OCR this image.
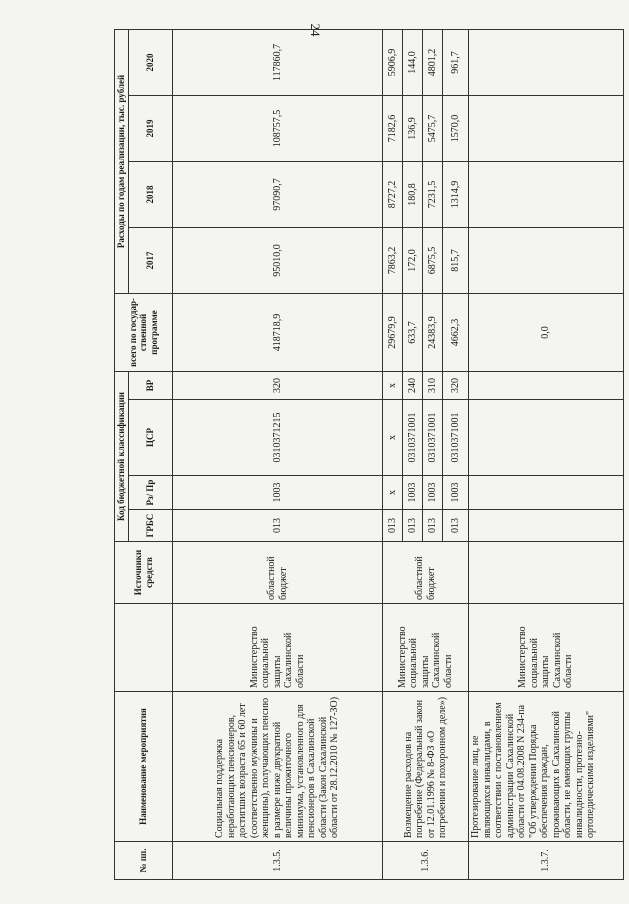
24
№ пп.	Наименование мероприятия		Источники средств	Код бюджетной классификации				всего по государ- ственной программе	Расходы по годам реализации, тыс. рублей			
				ГРБС	Рз/ Пр	ЦСР	ВР		2017	2018	2019	2020
1.3.5.	Социальная поддержка неработающих пенсионеров, достигших возраста 65 и 60 лет (соответственно мужчины и женщины), получающих пенсию в размере ниже двукратной величины прожиточного минимума, установленного для пенсионеров в Сахалинской области (Закон Сахалинской области от 28.12.2010 № 127-ЗО)	Министерство социальной защиты Сахалинской области	областной бюджет	013	1003	0310371215	320	418718,9	95010,0	97090,7	108757,5	117860,7
1.3.6.	Возмещение расходов на погребение (Федеральный закон от 12.01.1996 № 8-ФЗ «О погребении и похоронном деле»)	Министерство социальной защиты Сахалинской области	областной бюджет	013	x	x	x	29679,9	7863,2	8727,2	7182,6	5906,9
				013	1003	0310371001	240	633,7	172,0	180,8	136,9	144,0
				013	1003	0310371001	310	24383,9	6875,5	7231,5	5475,7	4801,2
				013	1003	0310371001	320	4662,3	815,7	1314,9	1570,0	961,7
1.3.7.	Протезирование лиц, не являющихся инвалидами, в соответствии с постановлением администрации Сахалинской области от 04.08.2008 N 234-па "Об утверждении Порядка обеспечения граждан, проживающих в Сахалинской области, не имеющих группы инвалидности, протезно-ортопедическими изделиями"	Министерство социальной защиты Сахалинской области						0,0				
